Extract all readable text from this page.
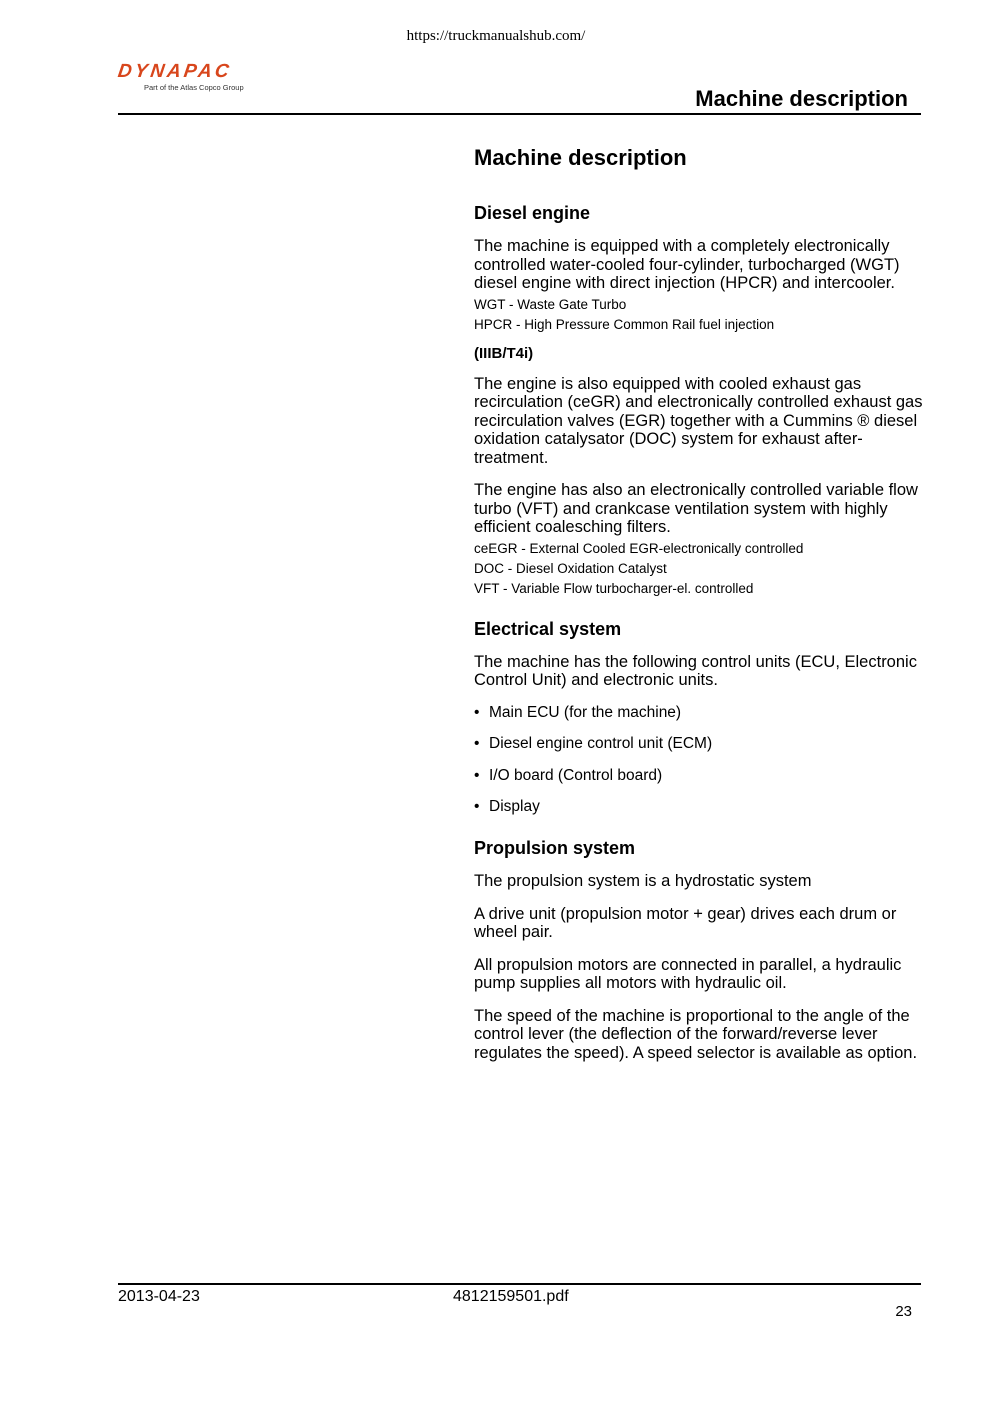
https://truckmanualshub.com/
DYNAPAC
Part of the Atlas Copco Group	Machine description
Machine description
Diesel engine

The machine is equipped with a completely electronically controlled water-cooled four-cylinder, turbocharged (WGT) diesel engine with direct injection (HPCR) and intercooler.

WGT - Waste Gate Turbo

HPCR - High Pressure Common Rail fuel injection

(IIIB/T4i)

The engine is also equipped with cooled exhaust gas recirculation (ceGR) and electronically controlled exhaust gas recirculation valves (EGR) together with a Cummins ® diesel oxidation catalysator (DOC) system for exhaust after-treatment.

The engine has also an electronically controlled variable flow turbo (VFT) and crankcase ventilation system with highly efficient coalesching filters.

ceEGR - External Cooled EGR-electronically controlled

DOC - Diesel Oxidation Catalyst

VFT - Variable Flow turbocharger-el. controlled

Electrical system

The machine has the following control units (ECU, Electronic Control Unit) and electronic units.

• Main ECU (for the machine)
• Diesel engine control unit (ECM)
• I/O board (Control board)
• Display
Propulsion system

The propulsion system is a hydrostatic system

A drive unit (propulsion motor + gear) drives each drum or wheel pair.

All propulsion motors are connected in parallel, a hydraulic pump supplies all motors with hydraulic oil.

The speed of the machine is proportional to the angle of the control lever (the deflection of the forward/reverse lever regulates the speed). A speed selector is available as option.

2013-04-23	4812159501.pdf
23
